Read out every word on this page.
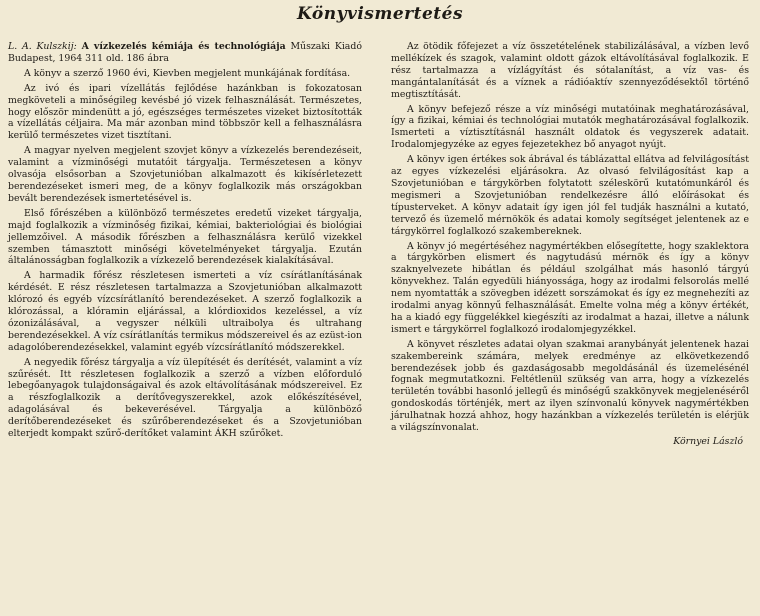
Könyvismertetés

L. A. Kulszkij: A vízkezelés kémiája és technológiája Műszaki Kiadó Budapest, 1964 311 old. 186 ábra

A könyv a szerző 1960 évi, Kievben megjelent munkájának fordítása.

Az ivó és ipari vízellátás fejlődése hazánkban is fokozatosan megköveteli a minőségileg kevésbé jó vizek felhasználását. Természetes, hogy először mindenütt a jó, egészséges természetes vizeket biztosították a vízellátás céljaira. Ma már azonban mind többször kell a felhasználásra kerülő természetes vizet tisztítani.

A magyar nyelven megjelent szovjet könyv a vízkezelés berendezéseit, valamint a vízminőségi mutatóit tárgyalja. Természetesen a könyv olvasója elsősorban a Szovjetunióban alkalmazott és kikísérletezett berendezéseket ismeri meg, de a könyv foglalkozik más országokban bevált berendezések ismertetésével is.

Első főrészében a különböző természetes eredetű vizeket tárgyalja, majd foglalkozik a vízminőség fizikai, kémiai, bakteriológiai és biológiai jellemzőivel. A második főrészben a felhasználásra kerülő vizekkel szemben támasztott minőségi követelményeket tárgyalja. Ezután általánosságban foglalkozik a vízkezelő berendezések kialakításával.

A harmadik főrész részletesen ismerteti a víz csírátlanításának kérdését. E rész részletesen tartalmazza a Szovjetunióban alkalmazott klórozó és egyéb vízcsírátlanító berendezéseket. A szerző foglalkozik a klórozással, a klóramin eljárással, a klórdioxidos kezeléssel, a víz ózonizálásával, a vegyszer nélküli ultraibolya és ultrahang berendezésekkel. A víz csírátlanítás termikus módszereivel és az ezüst-ion adagolóberendezésekkel, valamint egyéb vízcsírátlanító módszerekkel.

A negyedik főrész tárgyalja a víz ülepítését és derítését, valamint a víz szűrését. Itt részletesen foglalkozik a szerző a vízben előforduló lebegőanyagok tulajdonságaival és azok eltávolításának módszereivel. Ez a részfoglalkozik a derítővegyszerekkel, azok előkészítésével, adagolásával és bekeverésével. Tárgyalja a különböző derítőberendezéseket és szűrőberendezéseket és a Szovjetunióban elterjedt kompakt szűrő-derítőket valamint ÁKH szűrőket.

Az ötödik főfejezet a víz összetételének stabilizálásával, a vízben levő mellékízek és szagok, valamint oldott gázok eltávolításával foglalkozik. E rész tartalmazza a vízlágyítást és sótalanítást, a víz vas- és mangántalanítását és a víznek a rádióaktív szennyeződésektől történő megtisztítását.

A könyv befejező része a víz minőségi mutatóinak meghatározásával, így a fizikai, kémiai és technológiai mutatók meghatározásával foglalkozik. Ismerteti a víztisztításnál használt oldatok és vegyszerek adatait. Irodalomjegyzéke az egyes fejezetekhez bő anyagot nyújt.

A könyv igen értékes sok ábrával és táblázattal ellátva ad felvilágosítást az egyes vízkezelési eljárásokra. Az olvasó felvilágosítást kap a Szovjetunióban e tárgykörben folytatott széleskörű kutatómunkáról és megismeri a Szovjetunióban rendelkezésre álló előírásokat és típusterveket. A könyv adatait így igen jól fel tudják használni a kutató, tervező és üzemelő mérnökök és adatai komoly segítséget jelentenek az e tárgykörrel foglalkozó szakembereknek.

A könyv jó megértéséhez nagymértékben elősegítette, hogy szaklektora a tárgykörben elismert és nagytudású mérnök és így a könyv szaknyelvezete hibátlan és például szolgálhat más hasonló tárgyú könyvekhez. Talán egyedüli hiányossága, hogy az irodalmi felsorolás mellé nem nyomtatták a szövegben idézett sorszámokat és így ez megnehezíti az irodalmi anyag könnyű felhasználását. Emelte volna még a könyv értékét, ha a kiadó egy függelékkel kiegészíti az irodalmat a hazai, illetve a nálunk ismert e tárgykörrel foglalkozó irodalomjegyzékkel.

A könyvet részletes adatai olyan szakmai aranybányát jelentenek hazai szakembereink számára, melyek eredménye az elkövetkezendő berendezések jobb és gazdaságosabb megoldásánál és üzemelésénél fognak megmutatkozni. Feltétlenül szükség van arra, hogy a vízkezelés területén további hasonló jellegű és minőségű szakkönyvek megjelenéséről gondoskodás történjék, mert az ilyen színvonalú könyvek nagymértékben járulhatnak hozzá ahhoz, hogy hazánkban a vízkezelés területén is elérjük a világszínvonalat.

Környei László
